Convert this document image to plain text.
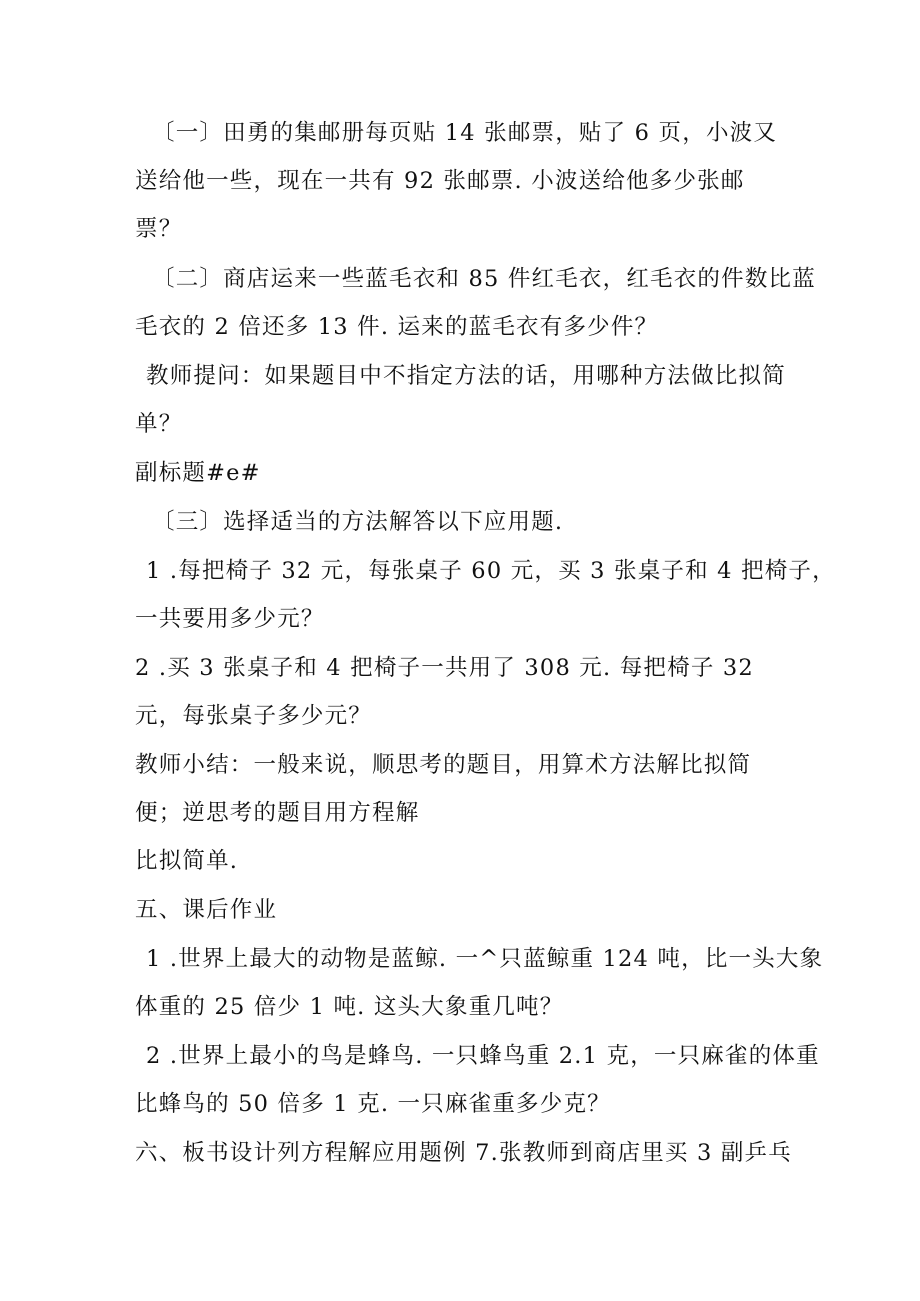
〔一〕田勇的集邮册每页贴 14 张邮票，贴了 6 页，小波又
送给他一些，现在一共有 92 张邮票. 小波送给他多少张邮
票？
〔二〕商店运来一些蓝毛衣和 85 件红毛衣，红毛衣的件数比蓝
毛衣的 2 倍还多 13 件. 运来的蓝毛衣有多少件？
教师提问：如果题目中不指定方法的话，用哪种方法做比拟简
单？
副标题#e#
〔三〕选择适当的方法解答以下应用题.
1 .每把椅子 32 元，每张桌子 60 元，买 3 张桌子和 4 把椅子，
一共要用多少元？
2 .买 3 张桌子和 4 把椅子一共用了 308 元. 每把椅子 32
元，每张桌子多少元？
教师小结：一般来说，顺思考的题目，用算术方法解比拟简
便；逆思考的题目用方程解
比拟简单.
五、课后作业
1 .世界上最大的动物是蓝鲸. 一^只蓝鲸重 124 吨，比一头大象
体重的 25 倍少 1 吨. 这头大象重几吨？
2 .世界上最小的鸟是蜂鸟. 一只蜂鸟重 2.1 克，一只麻雀的体重
比蜂鸟的 50 倍多 1 克. 一只麻雀重多少克？
六、板书设计列方程解应用题例 7.张教师到商店里买 3 副乒乓
